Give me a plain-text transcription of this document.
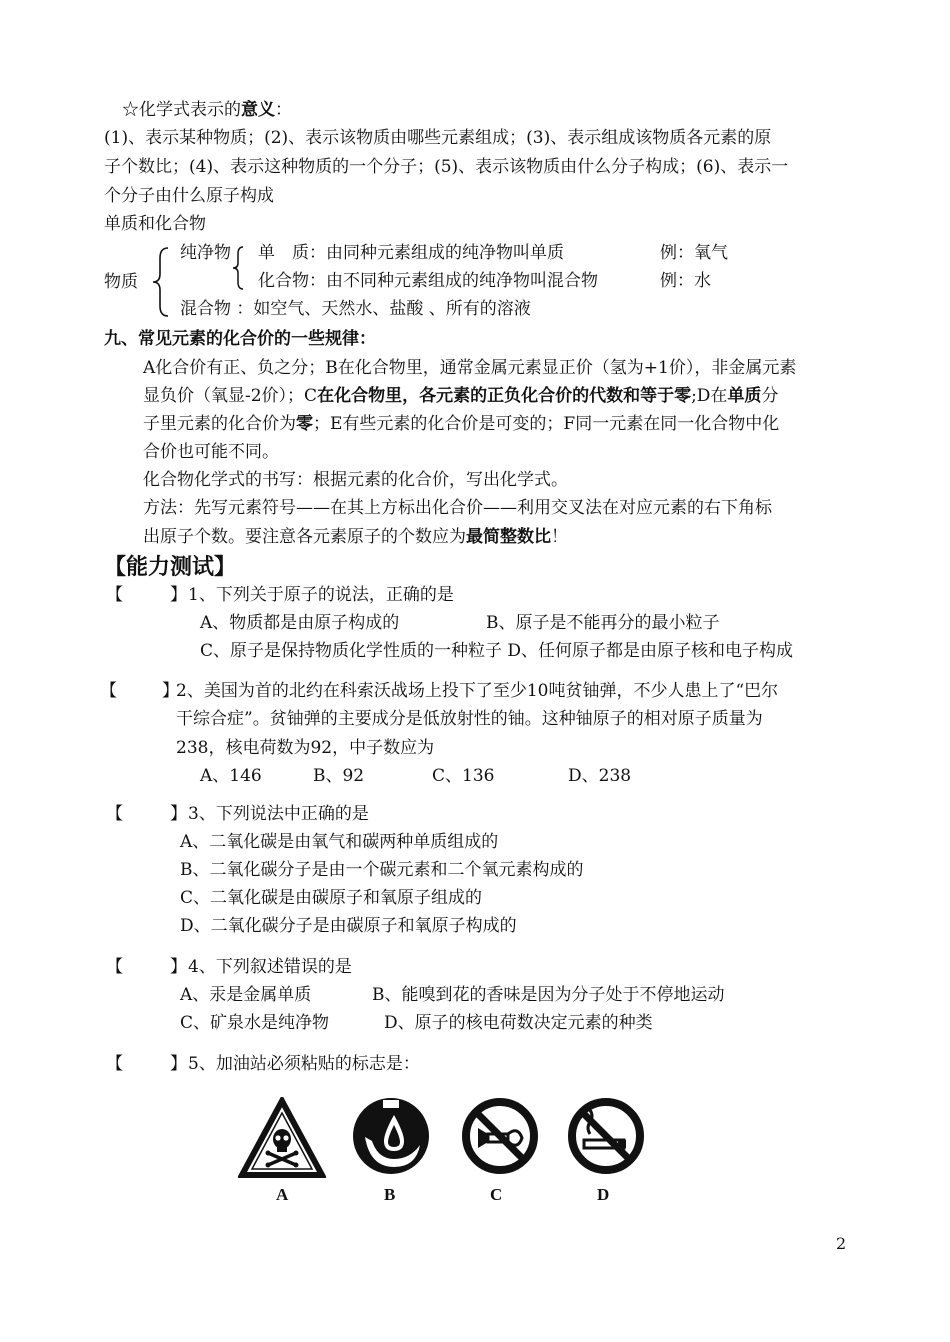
☆化学式表示的意义：
(1)、表示某种物质；(2)、表示该物质由哪些元素组成；(3)、表示组成该物质各元素的原
子个数比；(4)、表示这种物质的一个分子；(5)、表示该物质由什么分子构成；(6)、表示一
个分子由什么原子构成
单质和化合物
物质
纯净物 单　质：由同种元素组成的纯净物叫单质	例：氧气
化合物：由不同种元素组成的纯净物叫混合物	例：水
混合物 ：如空气、天然水、盐酸 、所有的溶液
九、常见元素的化合价的一些规律：
A化合价有正、负之分；B在化合物里，通常金属元素显正价（氢为+1价），非金属元素
显负价（氧显-2价）；C在化合物里，各元素的正负化合价的代数和等于零;D在单质分
子里元素的化合价为零；E有些元素的化合价是可变的；F同一元素在同一化合物中化
合价也可能不同。
化合物化学式的书写：根据元素的化合价，写出化学式。
方法：先写元素符号——在其上方标出化合价——利用交叉法在对应元素的右下角标
出原子个数。要注意各元素原子的个数应为最简整数比！
【能力测试】
【	】 1、下列关于原子的说法，正确的是
A、物质都是由原子构成的	B、原子是不能再分的最小粒子
C、原子是保持物质化学性质的一种粒子 D、任何原子都是由原子核和电子构成
【	】
2、美国为首的北约在科索沃战场上投下了至少10吨贫铀弹，不少人患上了“巴尔
干综合症”。贫铀弹的主要成分是低放射性的铀。这种铀原子的相对原子质量为
238，核电荷数为92，中子数应为
A、146	B、92	C、136	D、238
【	】 3、下列说法中正确的是
A、二氧化碳是由氧气和碳两种单质组成的
B、二氧化碳分子是由一个碳元素和二个氧元素构成的
C、二氧化碳是由碳原子和氧原子组成的
D、二氧化碳分子是由碳原子和氧原子构成的
【	】 4、下列叙述错误的是
A、汞是金属单质	B、能嗅到花的香味是因为分子处于不停地运动
C、矿泉水是纯净物	D、原子的核电荷数决定元素的种类
【	】 5、加油站必须粘贴的标志是：
A	B	C	D
2
